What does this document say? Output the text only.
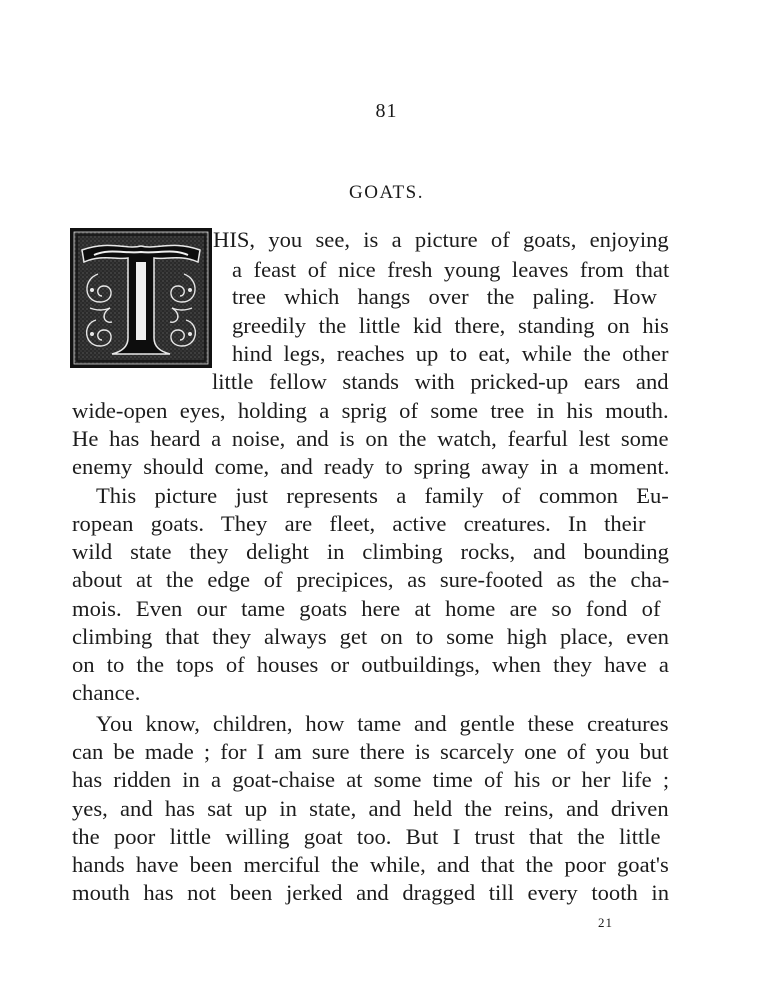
81
GOATS.
HIS, you see, is a picture of goats, enjoying
a feast of nice fresh young leaves from that
tree which hangs over the paling. How
greedily the little kid there, standing on his
hind legs, reaches up to eat, while the other
little fellow stands with pricked-up ears and
wide-open eyes, holding a sprig of some tree in his mouth.
He has heard a noise, and is on the watch, fearful lest some
enemy should come, and ready to spring away in a moment.
This picture just represents a family of common Eu-
ropean goats. They are fleet, active creatures. In their
wild state they delight in climbing rocks, and bounding
about at the edge of precipices, as sure-footed as the cha-
mois. Even our tame goats here at home are so fond of
climbing that they always get on to some high place, even
on to the tops of houses or outbuildings, when they have a
chance.
You know, children, how tame and gentle these creatures
can be made ; for I am sure there is scarcely one of you but
has ridden in a goat-chaise at some time of his or her life ;
yes, and has sat up in state, and held the reins, and driven
the poor little willing goat too. But I trust that the little
hands have been merciful the while, and that the poor goat's
mouth has not been jerked and dragged till every tooth in
21
